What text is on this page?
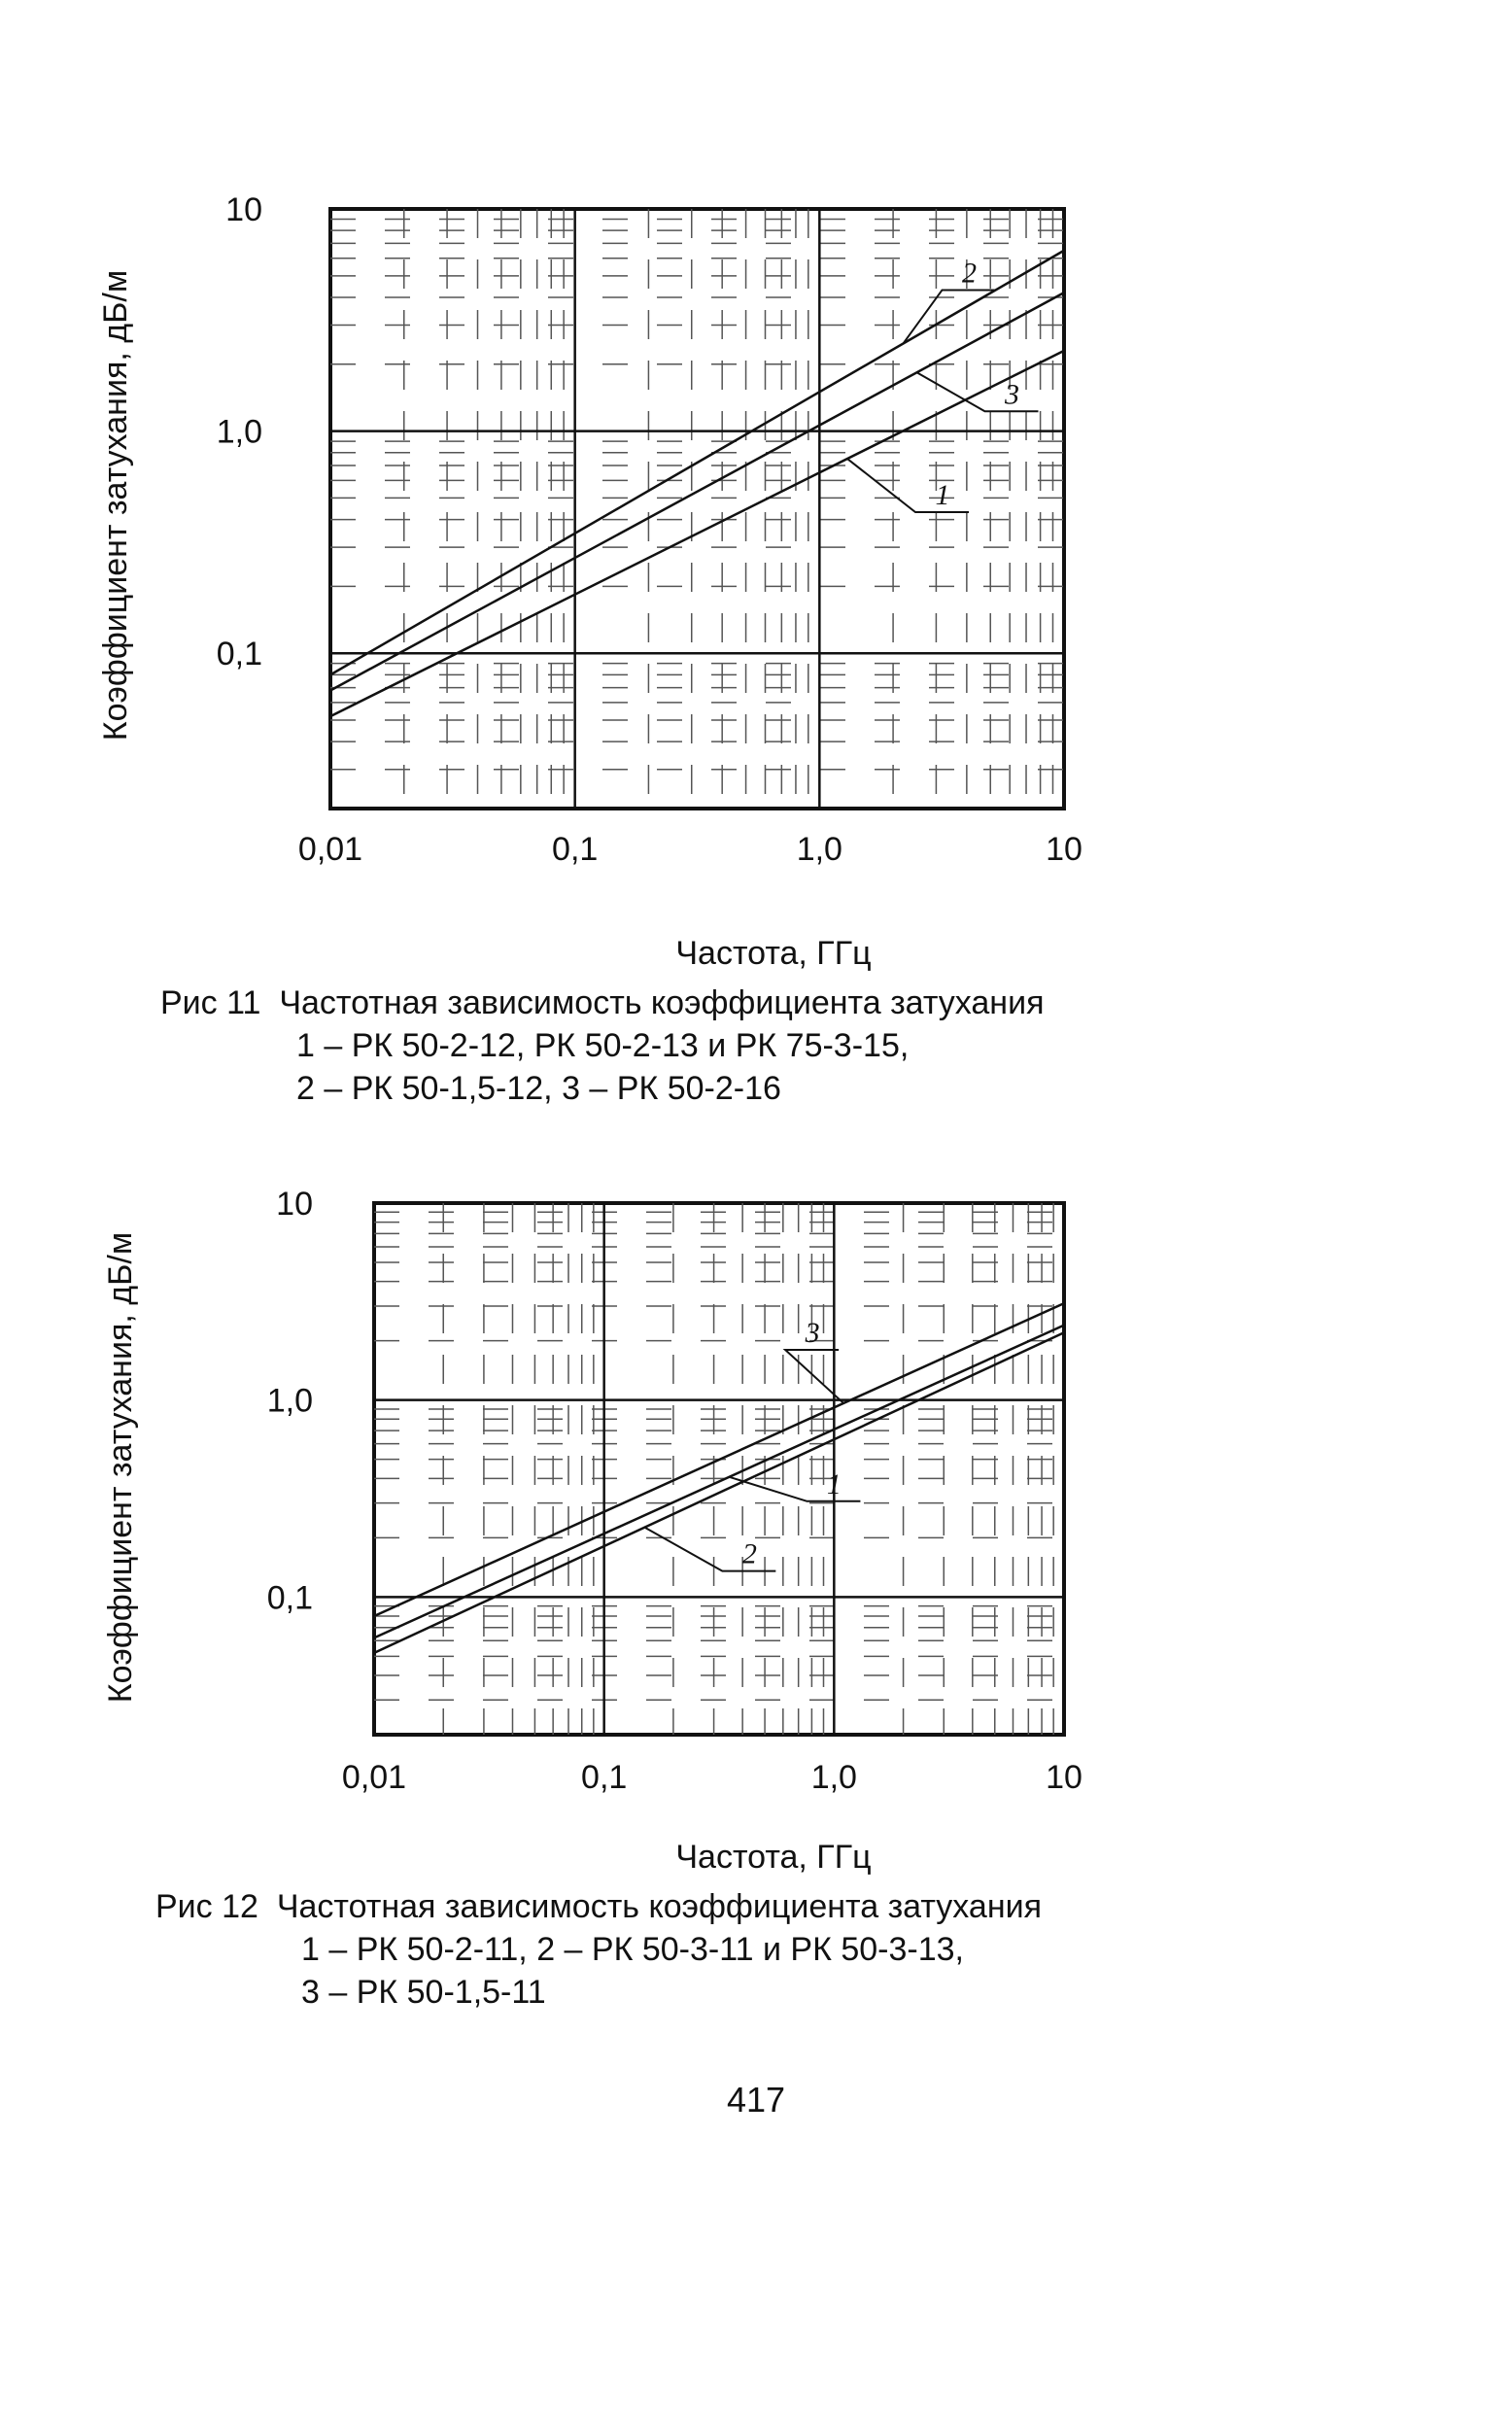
0,01	0,1	1,0	10
0,1
1,0
10
Коэффициент затухания, дБ/м	2
3
1
Частота, ГГц
Рис 11 Частотная зависимость коэффициента затухания
1 – РК 50-2-12, РК 50-2-13 и РК 75-3-15,
2 – РК 50-1,5-12, 3 – РК 50-2-16
0,01	0,1	1,0	10
0,1
1,0
10
Коэффициент затухания, дБ/м	3
1
2
Частота, ГГц
Рис 12 Частотная зависимость коэффициента затухания
1 – РК 50-2-11, 2 – РК 50-3-11 и РК 50-3-13,
3 – РК 50-1,5-11
417
